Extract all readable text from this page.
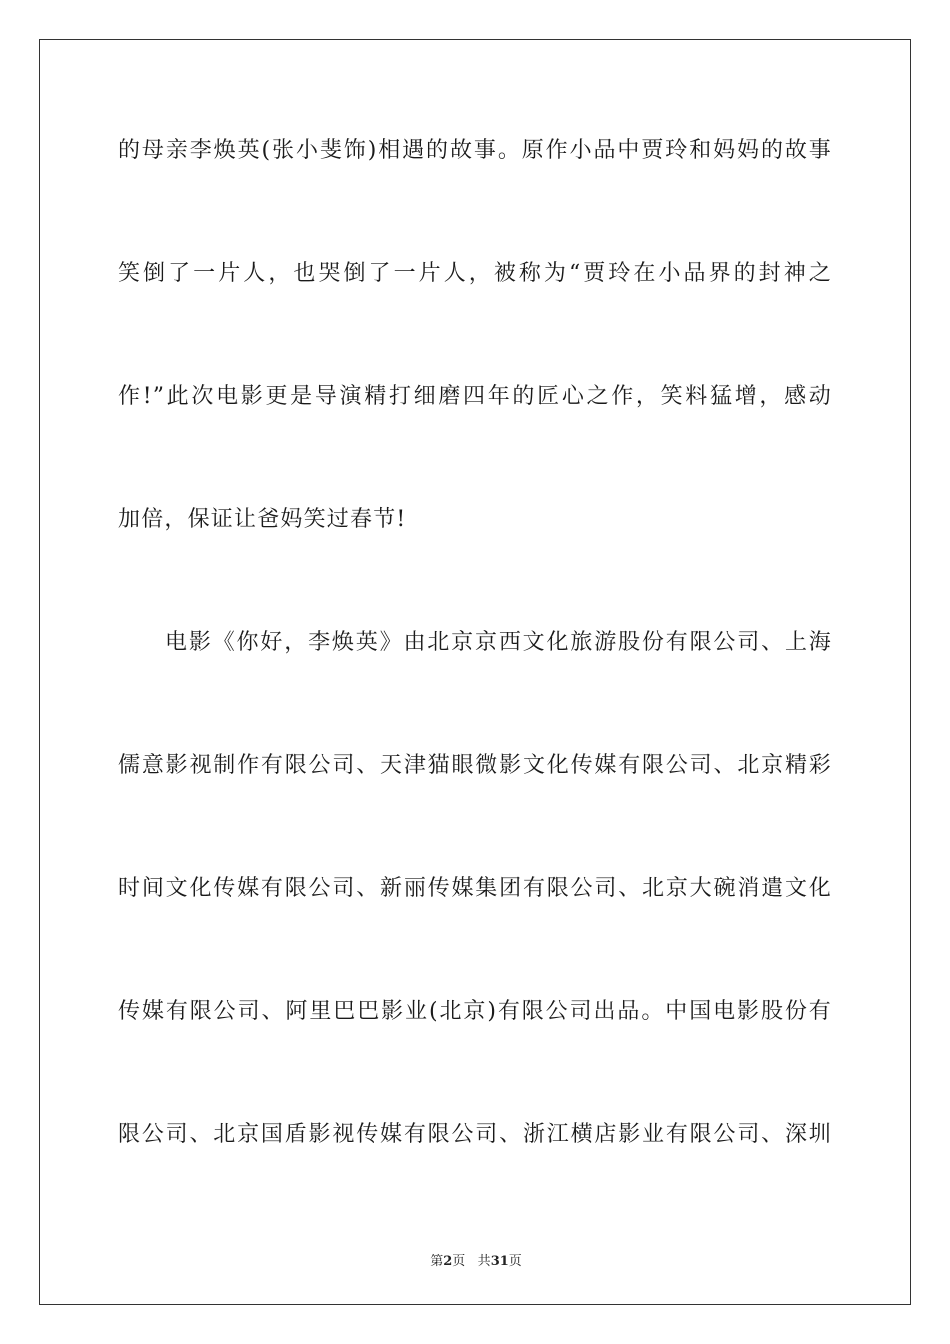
的母亲李焕英(张小斐饰)相遇的故事。原作小品中贾玲和妈妈的故事
笑倒了一片人，也哭倒了一片人，被称为“贾玲在小品界的封神之
作!”此次电影更是导演精打细磨四年的匠心之作，笑料猛增，感动
加倍，保证让爸妈笑过春节!
电影《你好，李焕英》由北京京西文化旅游股份有限公司、上海
儒意影视制作有限公司、天津猫眼微影文化传媒有限公司、北京精彩
时间文化传媒有限公司、新丽传媒集团有限公司、北京大碗消遣文化
传媒有限公司、阿里巴巴影业(北京)有限公司出品。中国电影股份有
限公司、北京国盾影视传媒有限公司、浙江横店影业有限公司、深圳
第2页 共31页
